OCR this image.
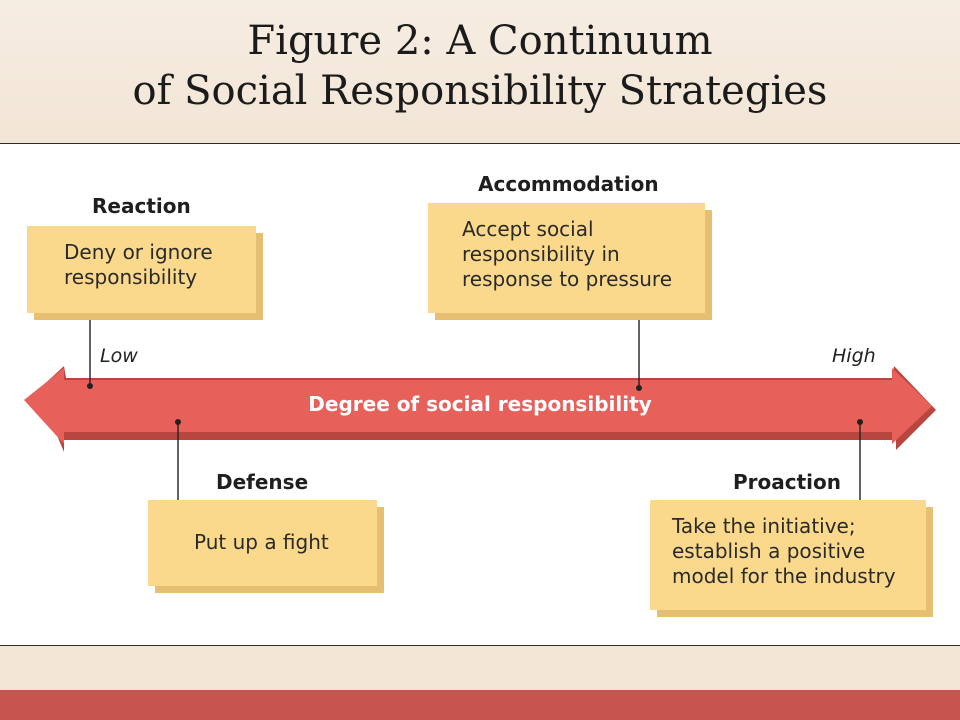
Figure 2: A Continuum
of Social Responsibility Strategies
Degree of social responsibility
Low	High
Reaction
Deny or ignore
responsibility
Accommodation
Accept social
responsibility in
response to pressure
Defense
Put up a fight
Proaction
Take the initiative;
establish a positive
model for the industry
